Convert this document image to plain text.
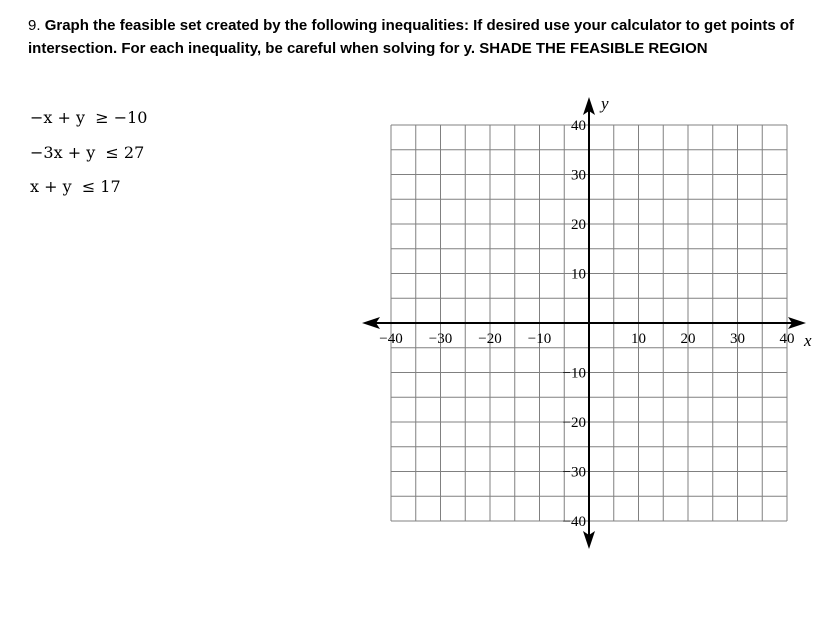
9. Graph the feasible set created by the following inequalities: If desired use your calculator to get points of intersection. For each inequality, be careful when solving for y. SHADE THE FEASIBLE REGION
−x + y  ≥ −10
−3x + y  ≤ 27
x + y  ≤ 17
−40 −30 −20 −10	10 20 30 40
40
30
20
10
−10
−20
−30
−40
x
y
